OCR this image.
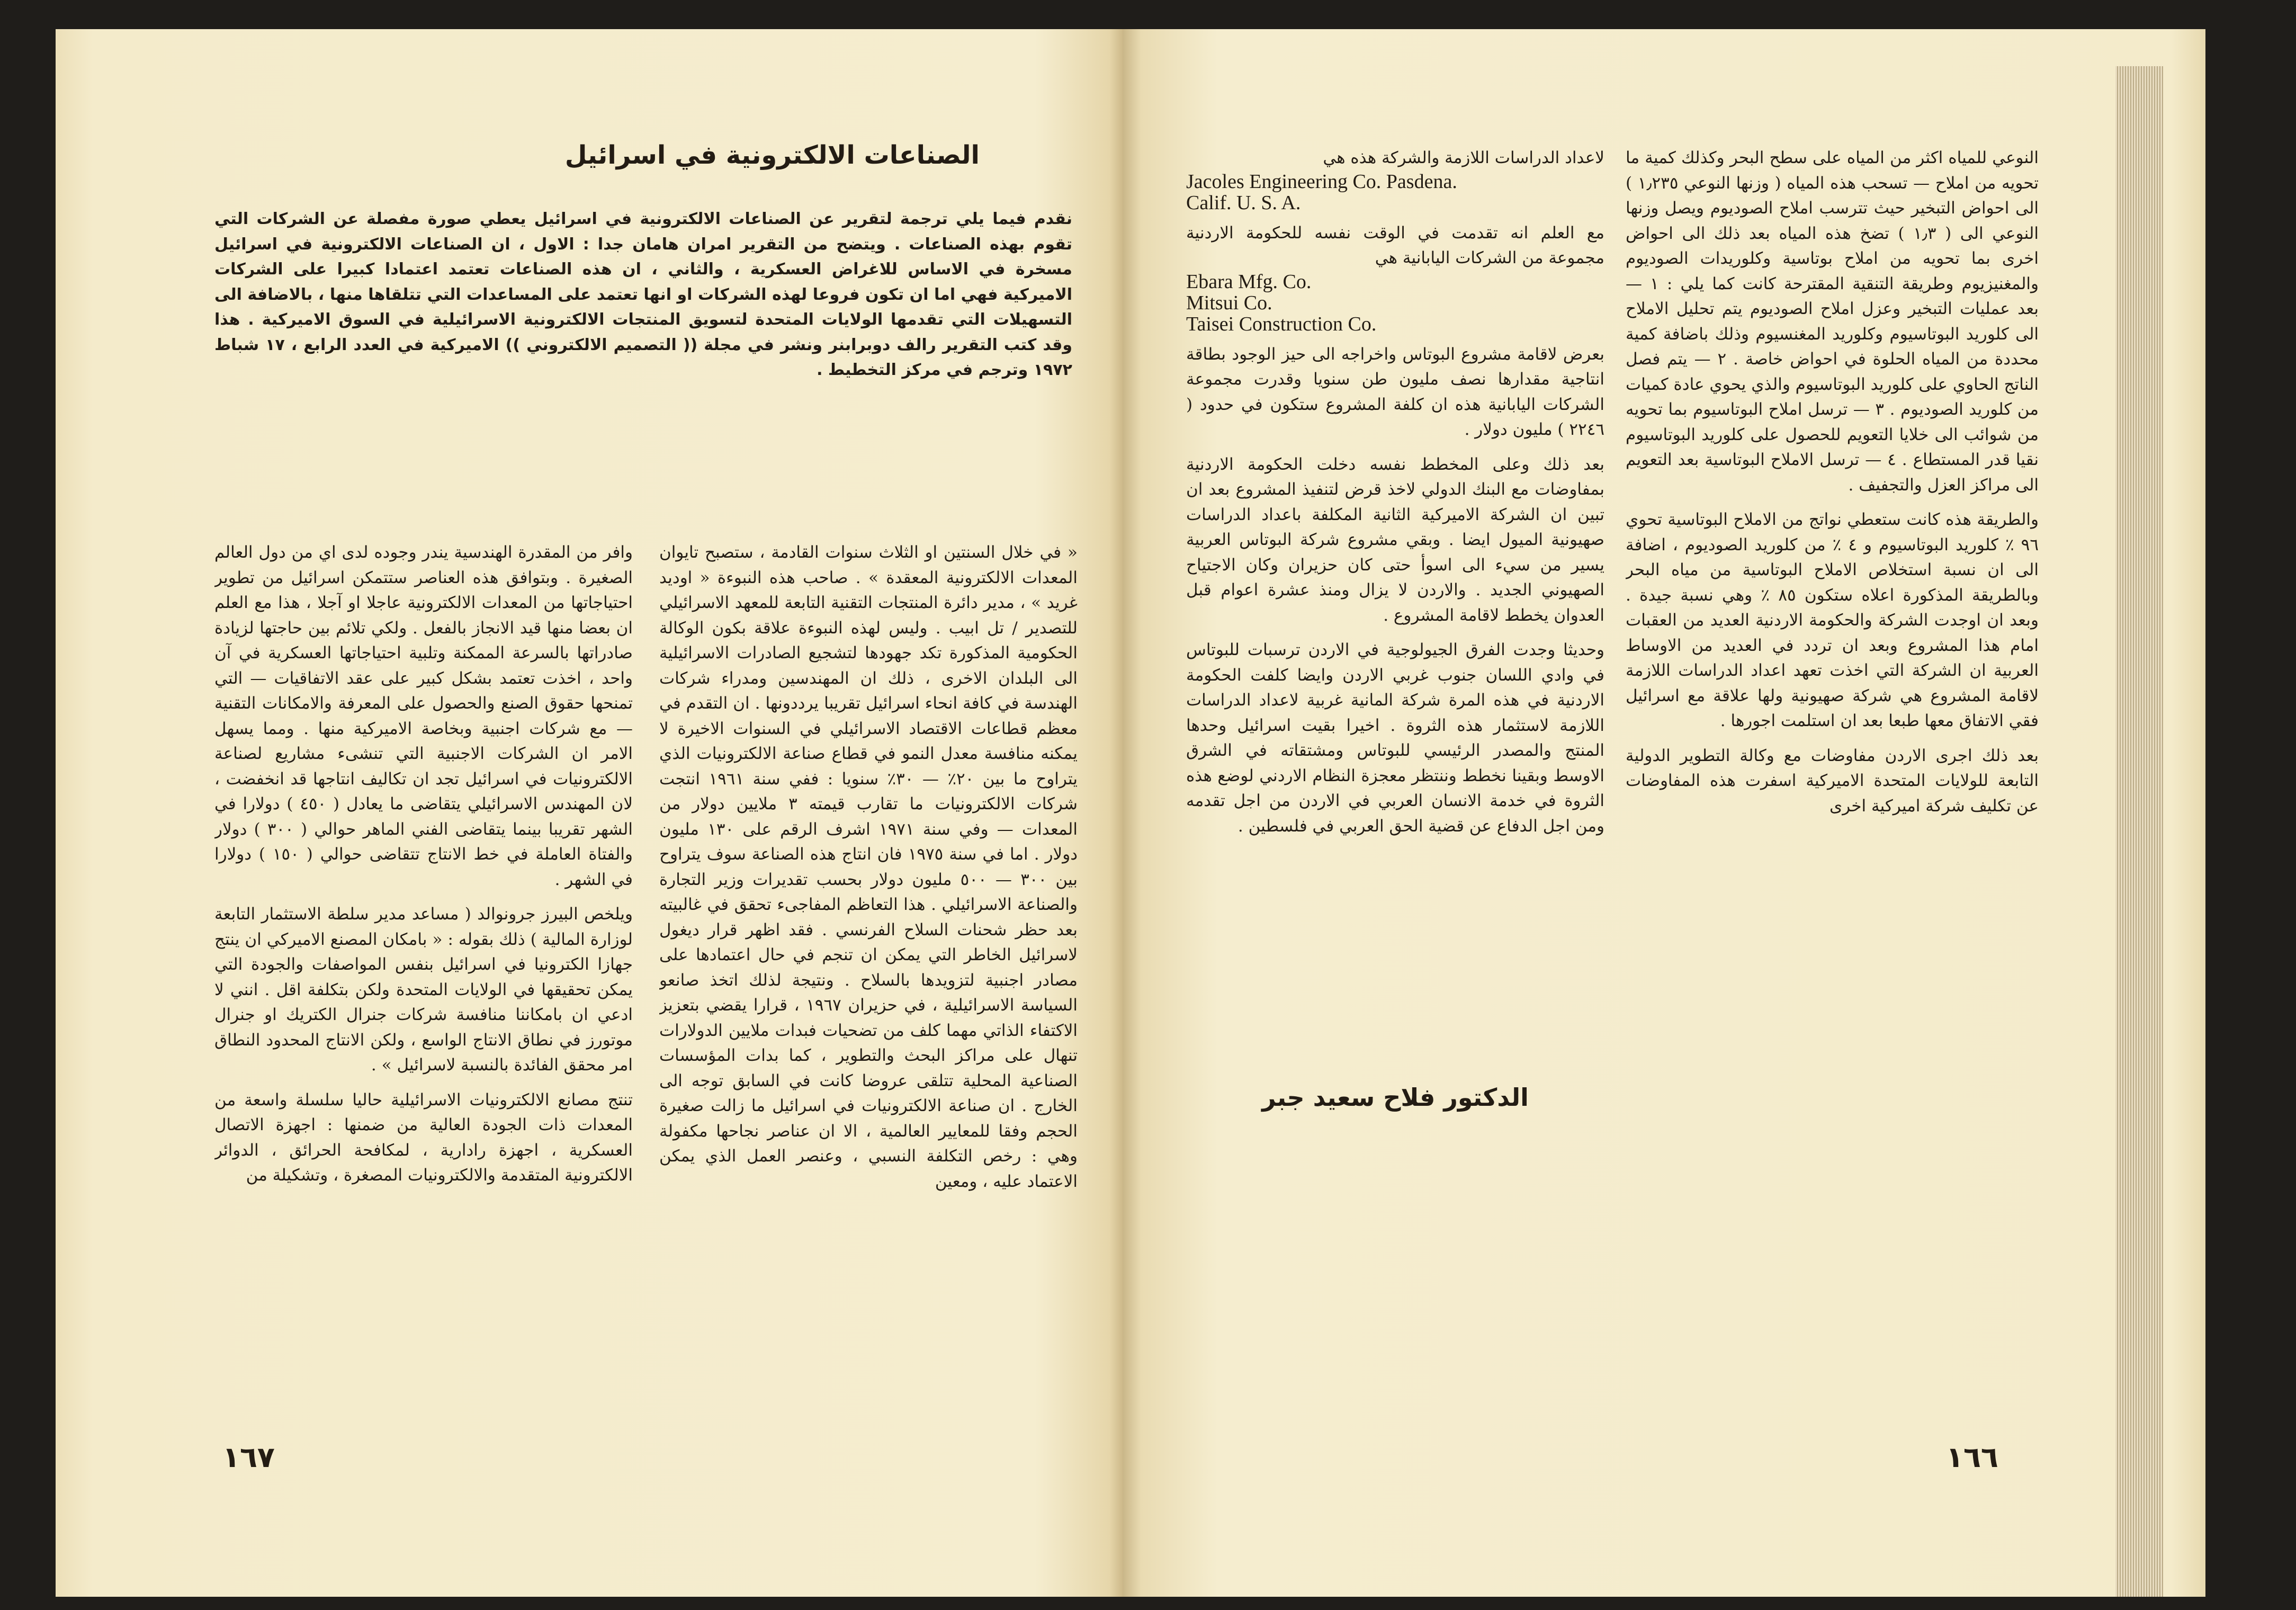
الصناعات الالكترونية في اسرائيل
نقدم فيما يلي ترجمة لتقرير عن الصناعات الالكترونية في اسرائيل يعطي صورة مفصلة عن الشركات التي تقوم بهذه الصناعات . ويتضح من التقرير امران هامان جدا : الاول ، ان الصناعات الالكترونية في اسرائيل مسخرة في الاساس للاغراض العسكرية ، والثاني ، ان هذه الصناعات تعتمد اعتمادا كبيرا على الشركات الاميركية فهي اما ان تكون فروعا لهذه الشركات او انها تعتمد على المساعدات التي تتلقاها منها ، بالاضافة الى التسهيلات التي تقدمها الولايات المتحدة لتسويق المنتجات الالكترونية الاسرائيلية في السوق الاميركية . هذا وقد كتب التقرير رالف دوبرابنر ونشر في مجلة (( التصميم الالكتروني )) الاميركية في العدد الرابع ، ١٧ شباط ١٩٧٢ وترجم في مركز التخطيط .

« في خلال السنتين او الثلاث سنوات القادمة ، ستصبح تايوان المعدات الالكترونية المعقدة » . صاحب هذه النبوءة « اوديد غريد » ، مدير دائرة المنتجات التقنية التابعة للمعهد الاسرائيلي للتصدير / تل ابيب . وليس لهذه النبوءة علاقة بكون الوكالة الحكومية المذكورة تكد جهودها لتشجيع الصادرات الاسرائيلية الى البلدان الاخرى ، ذلك ان المهندسين ومدراء شركات الهندسة في كافة انحاء اسرائيل تقريبا يرددونها . ان التقدم في معظم قطاعات الاقتصاد الاسرائيلي في السنوات الاخيرة لا يمكنه منافسة معدل النمو في قطاع صناعة الالكترونيات الذي يتراوح ما بين ٢٠٪ — ٣٠٪ سنويا : ففي سنة ١٩٦١ انتجت شركات الالكترونيات ما تقارب قيمته ٣ ملايين دولار من المعدات — وفي سنة ١٩٧١ اشرف الرقم على ١٣٠ مليون دولار . اما في سنة ١٩٧٥ فان انتاج هذه الصناعة سوف يتراوح بين ٣٠٠ — ٥٠٠ مليون دولار بحسب تقديرات وزير التجارة والصناعة الاسرائيلي . هذا التعاظم المفاجىء تحقق في غالبيته بعد حظر شحنات السلاح الفرنسي . فقد اظهر قرار ديغول لاسرائيل الخاطر التي يمكن ان تنجم في حال اعتمادها على مصادر اجنبية لتزويدها بالسلاح . ونتيجة لذلك اتخذ صانعو السياسة الاسرائيلية ، في حزيران ١٩٦٧ ، قرارا يقضي بتعزيز الاكتفاء الذاتي مهما كلف من تضحيات فبدات ملايين الدولارات تنهال على مراكز البحث والتطوير ، كما بدات المؤسسات الصناعية المحلية تتلقى عروضا كانت في السابق توجه الى الخارج . ان صناعة الالكترونيات في اسرائيل ما زالت صغيرة الحجم وفقا للمعايير العالمية ، الا ان عناصر نجاحها مكفولة وهي : رخص التكلفة النسبي ، وعنصر العمل الذي يمكن الاعتماد عليه ، ومعين

وافر من المقدرة الهندسية يندر وجوده لدى اي من دول العالم الصغيرة . وبتوافق هذه العناصر ستتمكن اسرائيل من تطوير احتياجاتها من المعدات الالكترونية عاجلا او آجلا ، هذا مع العلم ان بعضا منها قيد الانجاز بالفعل . ولكي تلائم بين حاجتها لزيادة صادراتها بالسرعة الممكنة وتلبية احتياجاتها العسكرية في آن واحد ، اخذت تعتمد بشكل كبير على عقد الاتفاقيات — التي تمنحها حقوق الصنع والحصول على المعرفة والامكانات التقنية — مع شركات اجنبية وبخاصة الاميركية منها . ومما يسهل الامر ان الشركات الاجنبية التي تنشىء مشاريع لصناعة الالكترونيات في اسرائيل تجد ان تكاليف انتاجها قد انخفضت ، لان المهندس الاسرائيلي يتقاضى ما يعادل ( ٤٥٠ ) دولارا في الشهر تقريبا بينما يتقاضى الفني الماهر حوالي ( ٣٠٠ ) دولار والفتاة العاملة في خط الانتاج تتقاضى حوالي ( ١٥٠ ) دولارا في الشهر .

ويلخص البيرز جرونوالد ( مساعد مدير سلطة الاستثمار التابعة لوزارة المالية ) ذلك بقوله : « بامكان المصنع الاميركي ان ينتج جهازا الكترونيا في اسرائيل بنفس المواصفات والجودة التي يمكن تحقيقها في الولايات المتحدة ولكن بتكلفة اقل . انني لا ادعي ان بامكاننا منافسة شركات جنرال الكتريك او جنرال موتورز في نطاق الانتاج الواسع ، ولكن الانتاج المحدود النطاق امر محقق الفائدة بالنسبة لاسرائيل » .

تنتج مصانع الالكترونيات الاسرائيلية حاليا سلسلة واسعة من المعدات ذات الجودة العالية من ضمنها : اجهزة الاتصال العسكرية ، اجهزة رادارية ، لمكافحة الحرائق ، الدوائر الالكترونية المتقدمة والالكترونيات المصغرة ، وتشكيلة من

١٦٧

النوعي للمياه اكثر من المياه على سطح البحر وكذلك كمية ما تحويه من املاح — تسحب هذه المياه ( وزنها النوعي ١٫٢٣٥ ) الى احواض التبخير حيث تترسب املاح الصوديوم ويصل وزنها النوعي الى ( ١٫٣ ) تضخ هذه المياه بعد ذلك الى احواض اخرى بما تحويه من املاح بوتاسية وكلوريدات الصوديوم والمغنيزيوم وطريقة التنقية المقترحة كانت كما يلي : ١ — بعد عمليات التبخير وعزل املاح الصوديوم يتم تحليل الاملاح الى كلوريد البوتاسيوم وكلوريد المغنسيوم وذلك باضافة كمية محددة من المياه الحلوة في احواض خاصة . ٢ — يتم فصل الناتج الحاوي على كلوريد البوتاسيوم والذي يحوي عادة كميات من كلوريد الصوديوم . ٣ — ترسل املاح البوتاسيوم بما تحويه من شوائب الى خلايا التعويم للحصول على كلوريد البوتاسيوم نقيا قدر المستطاع . ٤ — ترسل الاملاح البوتاسية بعد التعويم الى مراكز العزل والتجفيف .

والطريقة هذه كانت ستعطي نواتج من الاملاح البوتاسية تحوي ٩٦ ٪ كلوريد البوتاسيوم و ٤ ٪ من كلوريد الصوديوم ، اضافة الى ان نسبة استخلاص الاملاح البوتاسية من مياه البحر وبالطريقة المذكورة اعلاه ستكون ٨٥ ٪ وهي نسبة جيدة . وبعد ان اوجدت الشركة والحكومة الاردنية العديد من العقبات امام هذا المشروع وبعد ان تردد في العديد من الاوساط العربية ان الشركة التي اخذت تعهد اعداد الدراسات اللازمة لاقامة المشروع هي شركة صهيونية ولها علاقة مع اسرائيل فقي الاتفاق معها طبعا بعد ان استلمت اجورها .

بعد ذلك اجرى الاردن مفاوضات مع وكالة التطوير الدولية التابعة للولايات المتحدة الاميركية اسفرت هذه المفاوضات عن تكليف شركة اميركية اخرى

لاعداد الدراسات اللازمة والشركة هذه هي

Jacoles Engineering Co. Pasdena.

Calif. U. S. A.

مع العلم انه تقدمت في الوقت نفسه للحكومة الاردنية مجموعة من الشركات اليابانية هي

Ebara Mfg. Co.

Mitsui Co.

Taisei Construction Co.

بعرض لاقامة مشروع البوتاس واخراجه الى حيز الوجود بطاقة انتاجية مقدارها نصف مليون طن سنويا وقدرت مجموعة الشركات اليابانية هذه ان كلفة المشروع ستكون في حدود ( ٢٢٤٦ ) مليون دولار .

بعد ذلك وعلى المخطط نفسه دخلت الحكومة الاردنية بمفاوضات مع البنك الدولي لاخذ قرض لتنفيذ المشروع بعد ان تبين ان الشركة الاميركية الثانية المكلفة باعداد الدراسات صهيونية الميول ايضا . وبقي مشروع شركة البوتاس العربية يسير من سيء الى اسوأ حتى كان حزيران وكان الاجتياح الصهيوني الجديد . والاردن لا يزال ومنذ عشرة اعوام قبل العدوان يخطط لاقامة المشروع .

وحديثا وجدت الفرق الجيولوجية في الاردن ترسبات للبوتاس في وادي اللسان جنوب غربي الاردن وايضا كلفت الحكومة الاردنية في هذه المرة شركة المانية غربية لاعداد الدراسات اللازمة لاستثمار هذه الثروة . اخيرا بقيت اسرائيل وحدها المنتج والمصدر الرئيسي للبوتاس ومشتقاته في الشرق الاوسط وبقينا نخطط وننتظر معجزة النظام الاردني لوضع هذه الثروة في خدمة الانسان العربي في الاردن من اجل تقدمه ومن اجل الدفاع عن قضية الحق العربي في فلسطين .

الدكتور فلاح سعيد جبر
١٦٦
